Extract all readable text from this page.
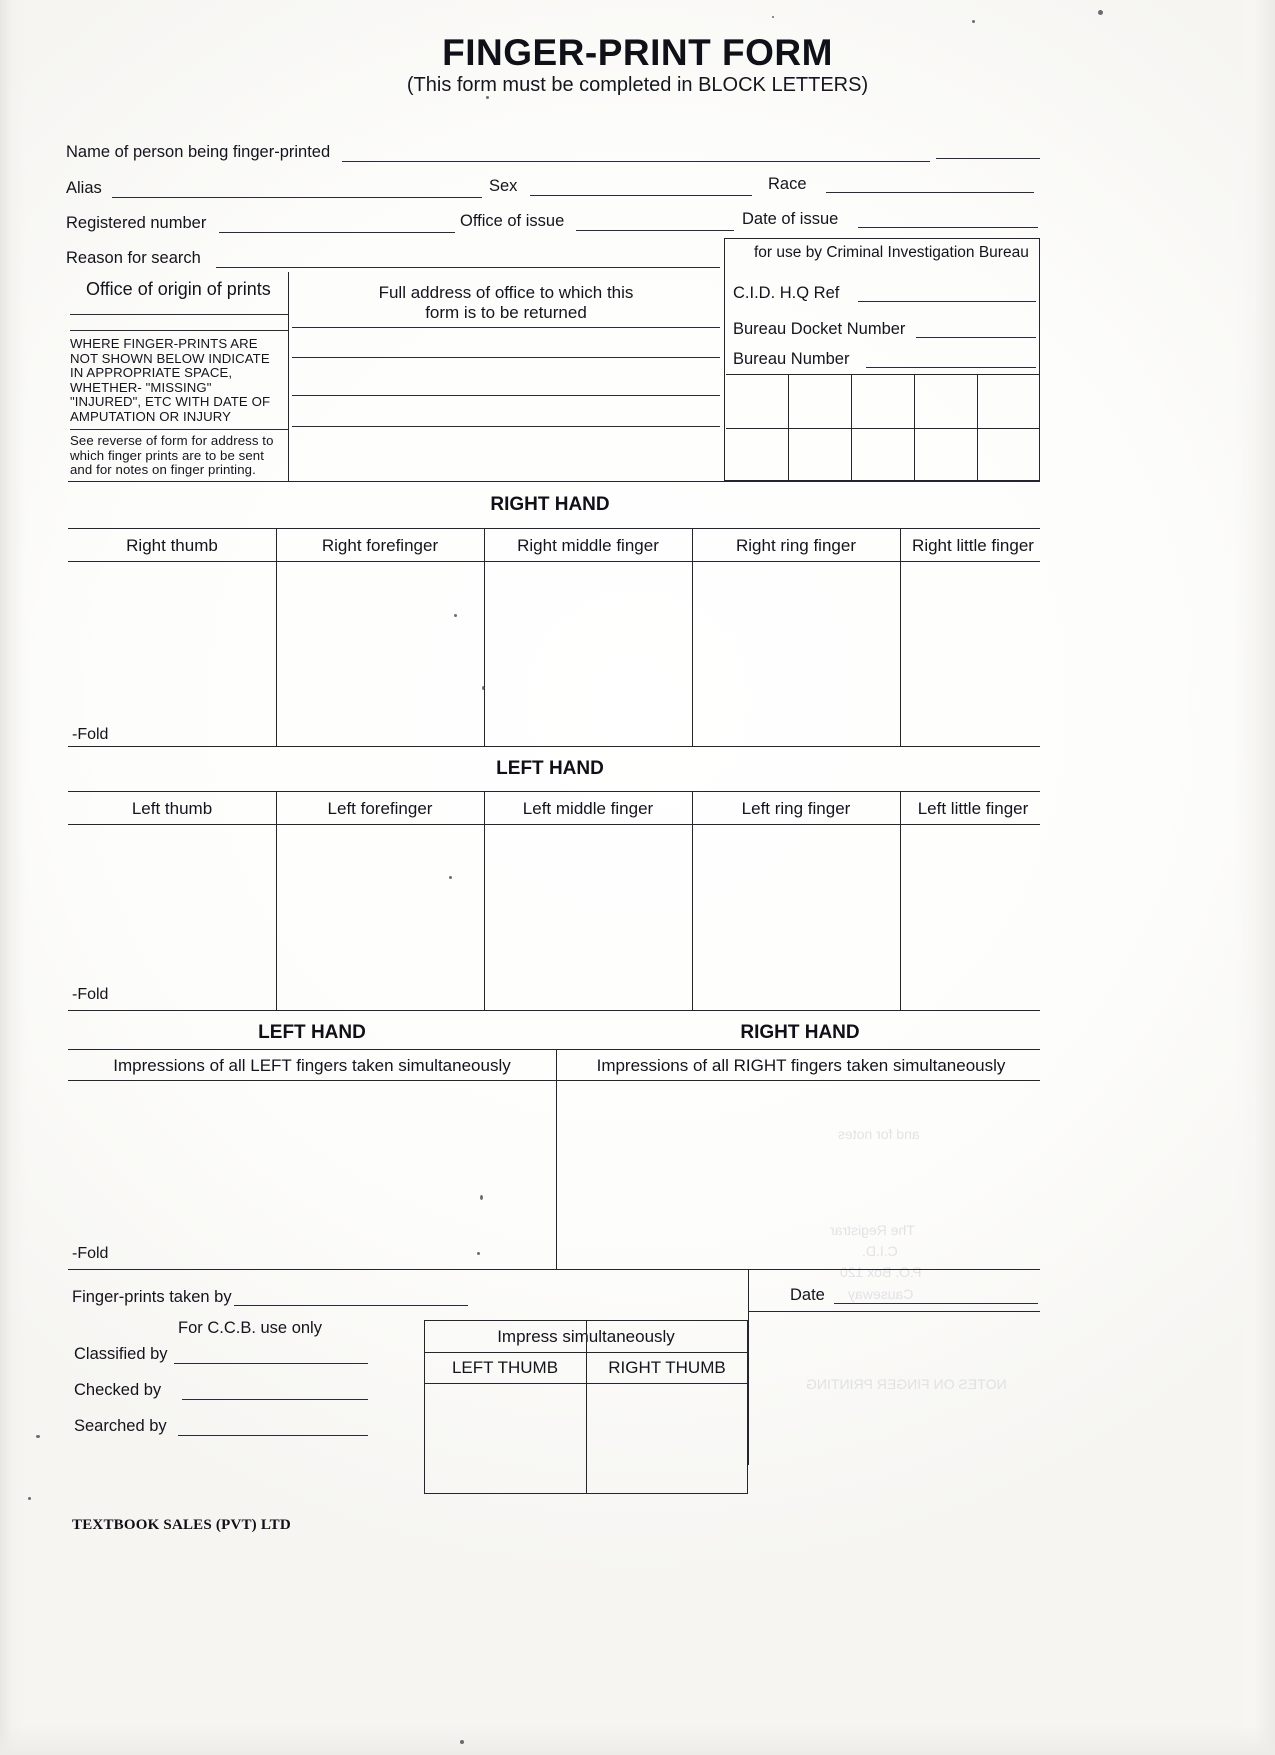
The Registrar
C.I.D.
P.O. Box 120
Causeway
NOTES ON FINGER PRINTING
and for notes
FINGER-PRINT FORM
(This form must be completed in BLOCK LETTERS)
Name of person being finger-printed
Alias	Sex	Race
Registered number	Office of issue	Date of issue
Reason for search
Office of origin of prints
WHERE FINGER-PRINTS ARE
NOT SHOWN BELOW INDICATE
IN APPROPRIATE SPACE,
WHETHER- "MISSING"
"INJURED", ETC WITH DATE OF
AMPUTATION OR INJURY
See reverse of form for address to
which finger prints are to be sent
and for notes on finger printing.
Full address of office to which this
form is to be returned
for use by Criminal Investigation Bureau
C.I.D. H.Q Ref
Bureau Docket Number
Bureau Number
RIGHT HAND
Right thumb	Right forefinger	Right middle finger	Right ring finger	Right little finger
-Fold
LEFT HAND
Left thumb	Left forefinger	Left middle finger	Left ring finger	Left little finger
-Fold
LEFT HAND	RIGHT HAND
Impressions of all LEFT fingers taken simultaneously	Impressions of all RIGHT fingers taken simultaneously
-Fold
Finger-prints taken by	Date
For C.C.B. use only
Classified by
Checked by
Searched by
Impress simultaneously
LEFT THUMB	RIGHT THUMB
TEXTBOOK SALES (PVT) LTD
